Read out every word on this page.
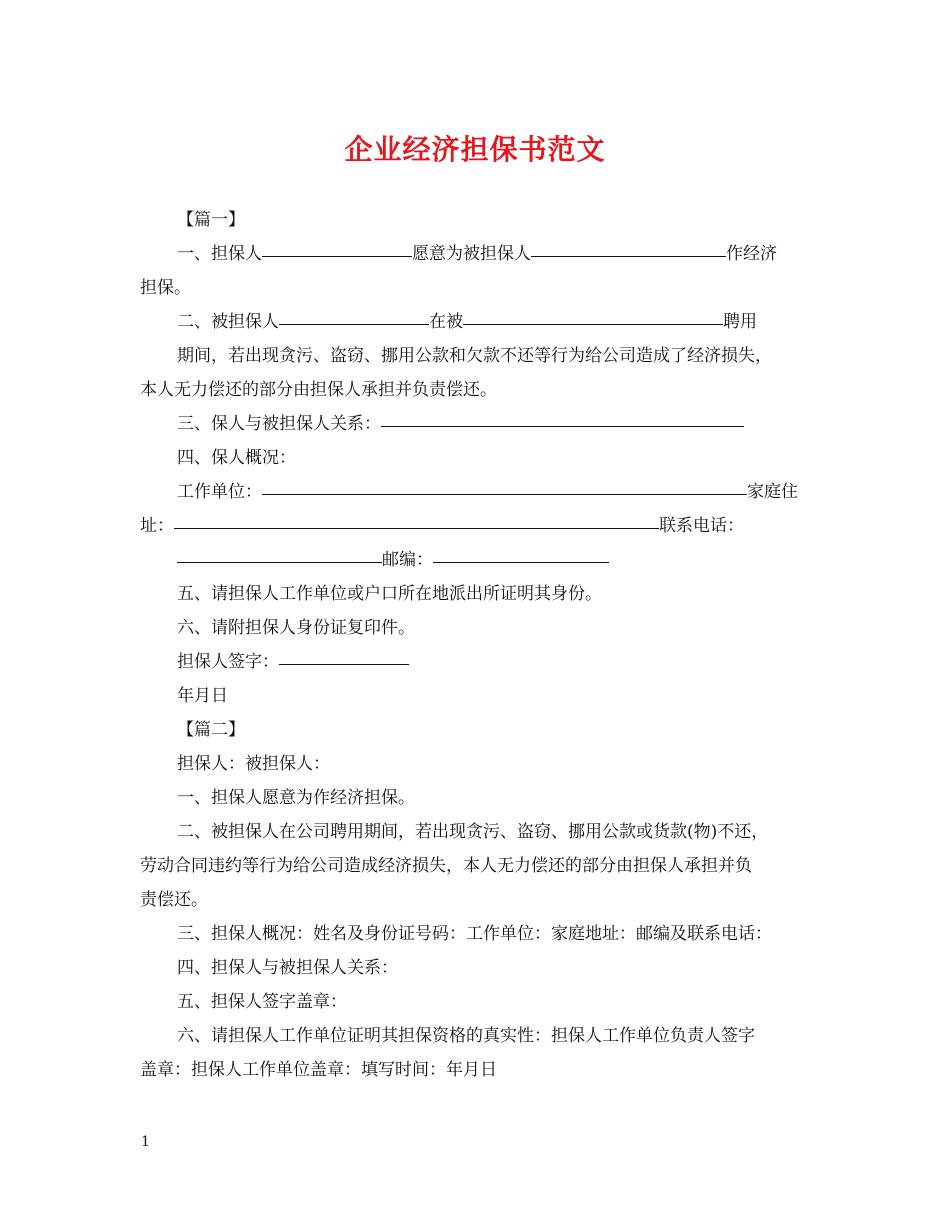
企业经济担保书范文
【篇一】
一、担保人	愿意为被担保人	作经济
担保。
二、被担保人	在被	聘用
期间，若出现贪污、盗窃、挪用公款和欠款不还等行为给公司造成了经济损失，
本人无力偿还的部分由担保人承担并负责偿还。
三、保人与被担保人关系：
四、保人概况：
工作单位：	家庭住
址：	联系电话：
邮编：
五、请担保人工作单位或户口所在地派出所证明其身份。
六、请附担保人身份证复印件。
担保人签字：
年月日
【篇二】
担保人：被担保人：
一、担保人愿意为作经济担保。
二、被担保人在公司聘用期间，若出现贪污、盗窃、挪用公款或货款(物)不还，
劳动合同违约等行为给公司造成经济损失，本人无力偿还的部分由担保人承担并负
责偿还。
三、担保人概况：姓名及身份证号码：工作单位：家庭地址：邮编及联系电话：
四、担保人与被担保人关系：
五、担保人签字盖章：
六、请担保人工作单位证明其担保资格的真实性：担保人工作单位负责人签字
盖章：担保人工作单位盖章：填写时间：年月日
1
